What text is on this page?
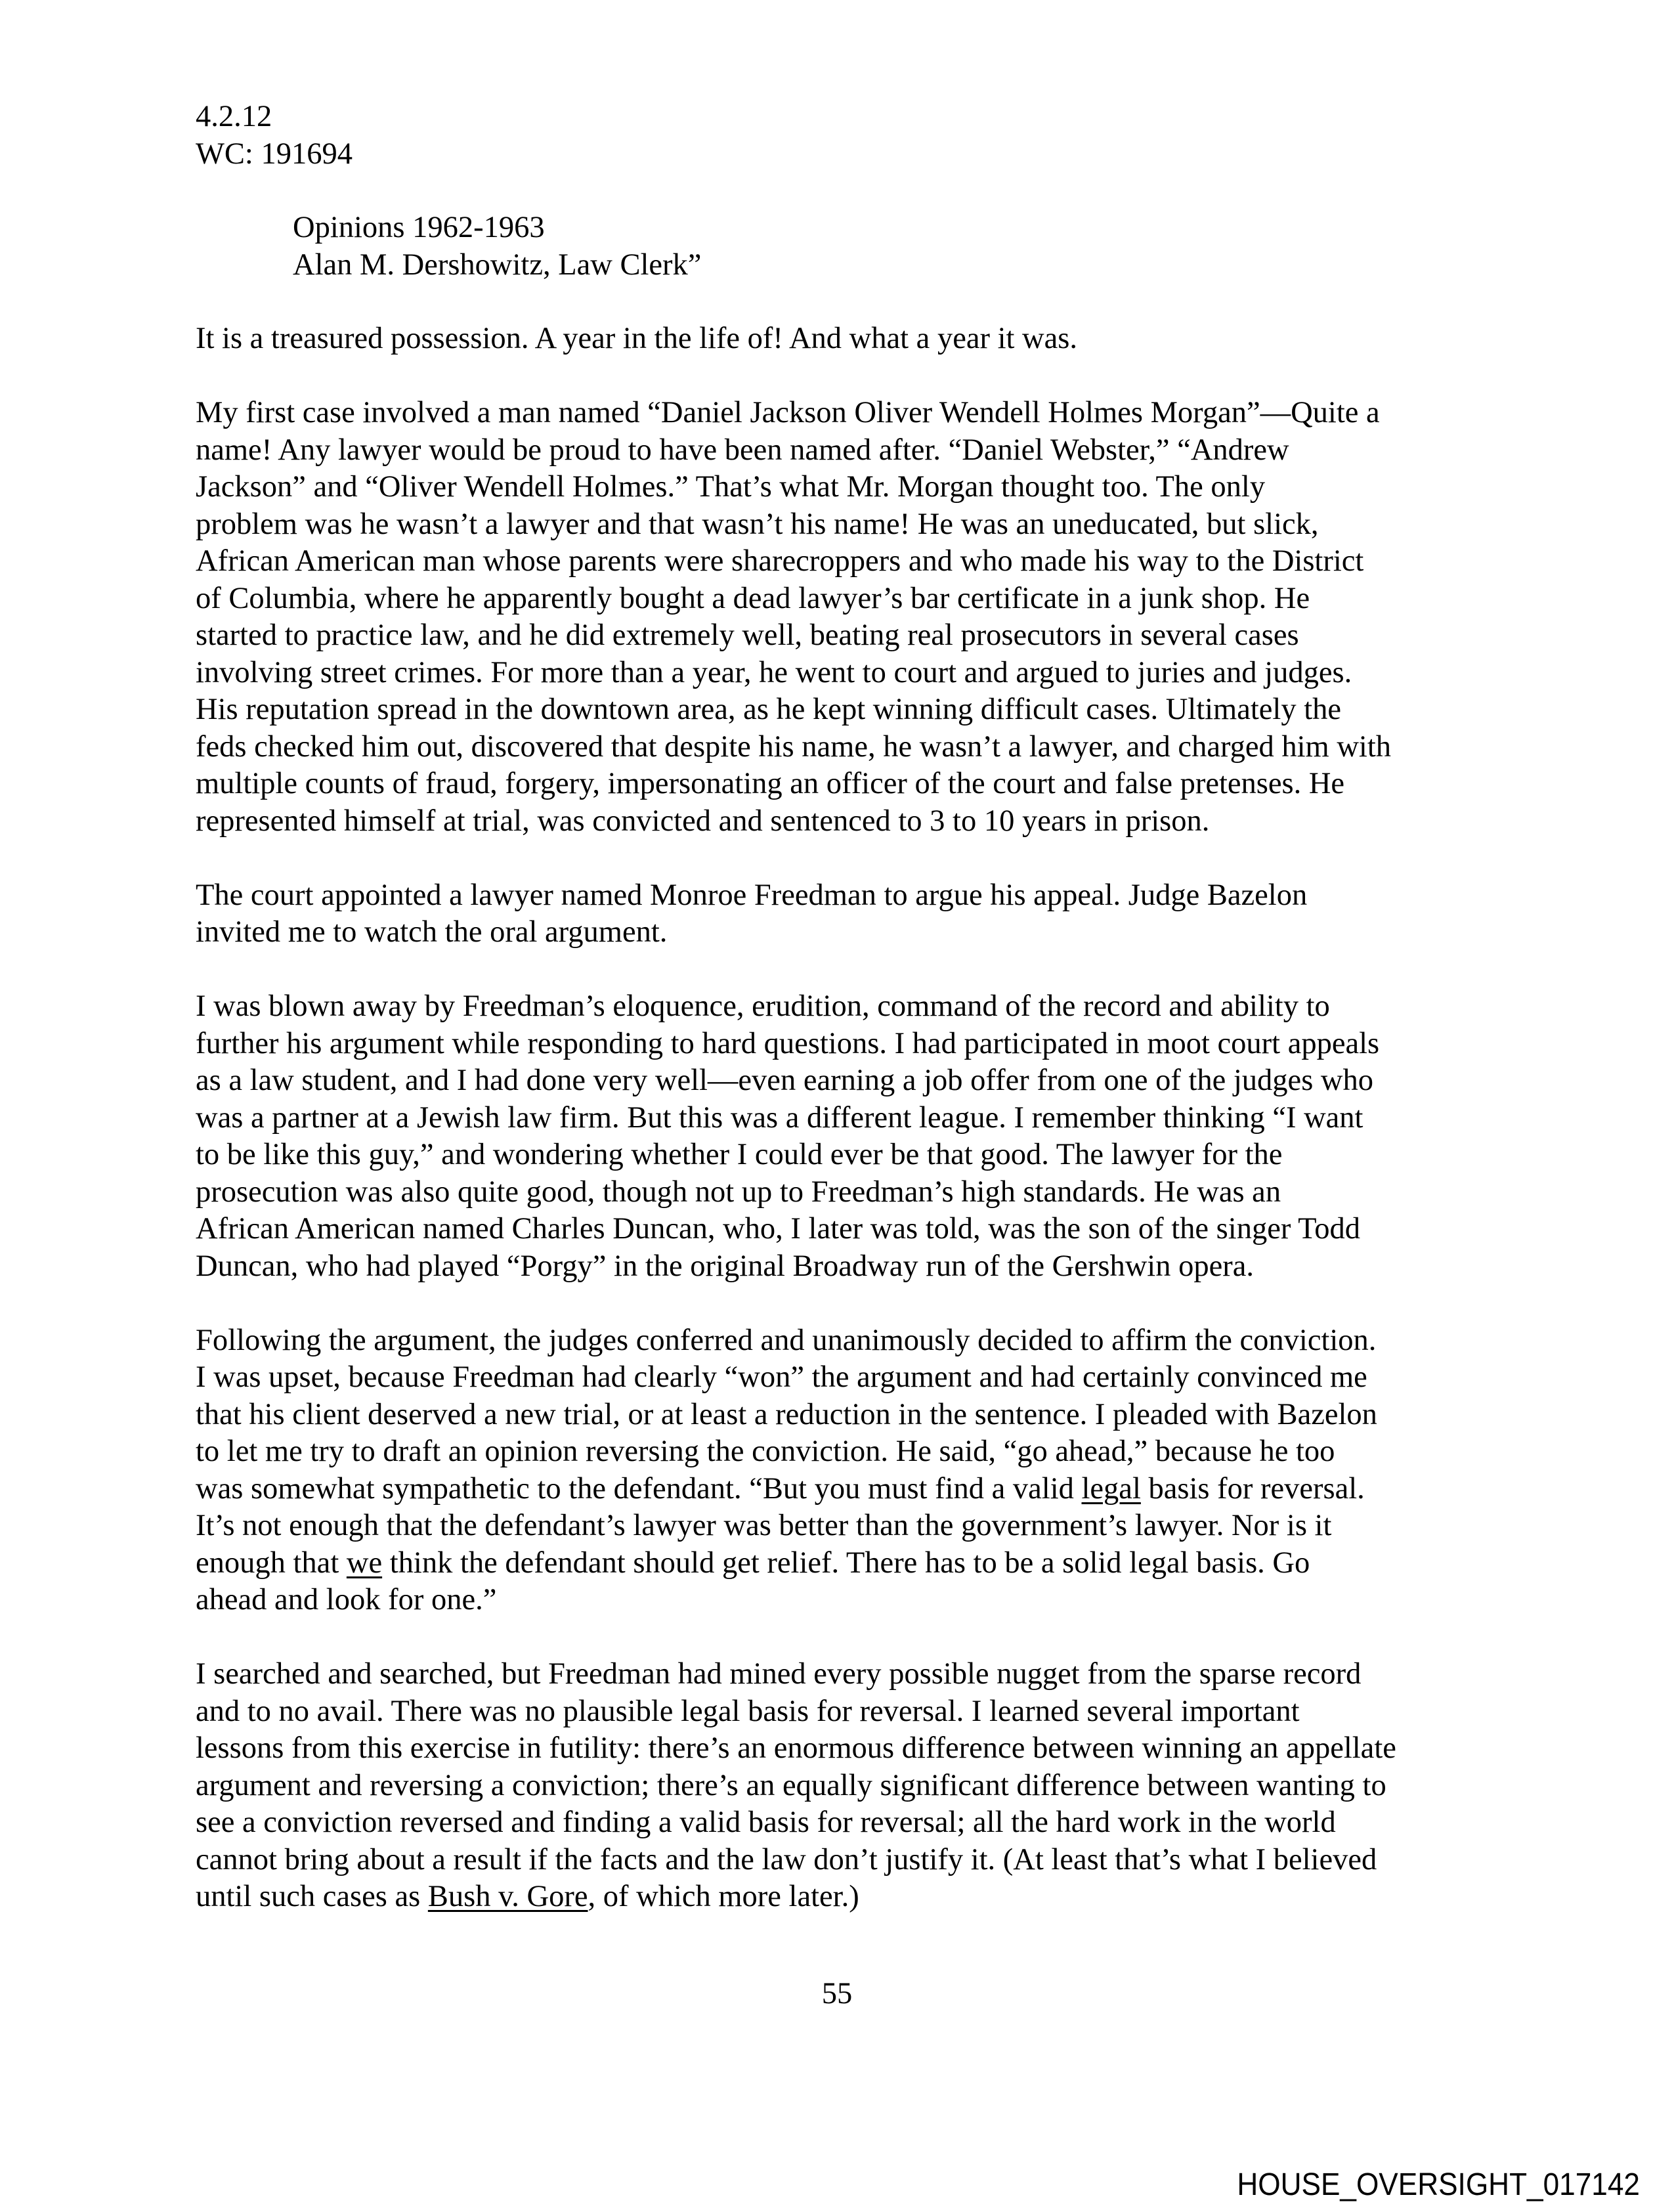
4.2.12
WC: 191694
Opinions 1962-1963
Alan M. Dershowitz, Law Clerk”

It is a treasured possession. A year in the life of! And what a year it was.

My first case involved a man named “Daniel Jackson Oliver Wendell Holmes Morgan”—Quite a
name! Any lawyer would be proud to have been named after. “Daniel Webster,” “Andrew
Jackson” and “Oliver Wendell Holmes.” That’s what Mr. Morgan thought too. The only
problem was he wasn’t a lawyer and that wasn’t his name! He was an uneducated, but slick,
African American man whose parents were sharecroppers and who made his way to the District
of Columbia, where he apparently bought a dead lawyer’s bar certificate in a junk shop. He
started to practice law, and he did extremely well, beating real prosecutors in several cases
involving street crimes. For more than a year, he went to court and argued to juries and judges.
His reputation spread in the downtown area, as he kept winning difficult cases. Ultimately the
feds checked him out, discovered that despite his name, he wasn’t a lawyer, and charged him with
multiple counts of fraud, forgery, impersonating an officer of the court and false pretenses. He
represented himself at trial, was convicted and sentenced to 3 to 10 years in prison.

The court appointed a lawyer named Monroe Freedman to argue his appeal. Judge Bazelon
invited me to watch the oral argument.

I was blown away by Freedman’s eloquence, erudition, command of the record and ability to
further his argument while responding to hard questions. I had participated in moot court appeals
as a law student, and I had done very well—even earning a job offer from one of the judges who
was a partner at a Jewish law firm. But this was a different league. I remember thinking “I want
to be like this guy,” and wondering whether I could ever be that good. The lawyer for the
prosecution was also quite good, though not up to Freedman’s high standards. He was an
African American named Charles Duncan, who, I later was told, was the son of the singer Todd
Duncan, who had played “Porgy” in the original Broadway run of the Gershwin opera.

Following the argument, the judges conferred and unanimously decided to affirm the conviction.
I was upset, because Freedman had clearly “won” the argument and had certainly convinced me
that his client deserved a new trial, or at least a reduction in the sentence. I pleaded with Bazelon
to let me try to draft an opinion reversing the conviction. He said, “go ahead,” because he too
was somewhat sympathetic to the defendant. “But you must find a valid legal basis for reversal.
It’s not enough that the defendant’s lawyer was better than the government’s lawyer. Nor is it
enough that we think the defendant should get relief. There has to be a solid legal basis. Go
ahead and look for one.”

I searched and searched, but Freedman had mined every possible nugget from the sparse record
and to no avail. There was no plausible legal basis for reversal. I learned several important
lessons from this exercise in futility: there’s an enormous difference between winning an appellate
argument and reversing a conviction; there’s an equally significant difference between wanting to
see a conviction reversed and finding a valid basis for reversal; all the hard work in the world
cannot bring about a result if the facts and the law don’t justify it. (At least that’s what I believed
until such cases as Bush v. Gore, of which more later.)

55
HOUSE_OVERSIGHT_017142
